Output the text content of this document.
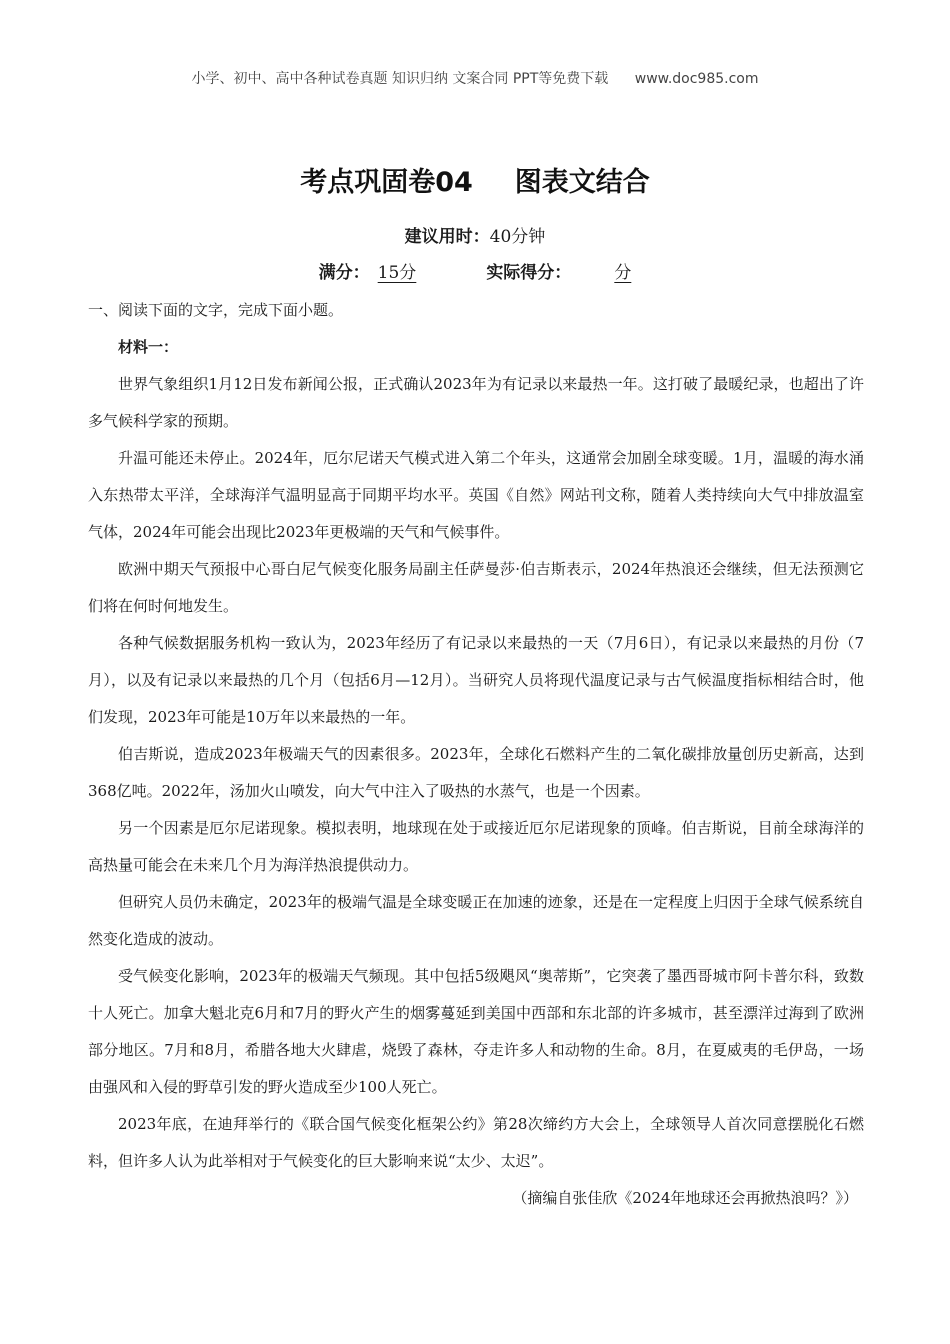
小学、初中、高中各种试卷真题 知识归纳 文案合同 PPT等免费下载 www.doc985.com
考点巩固卷04 图表文结合
建议用时：40分钟
满分： 15分	实际得分：	分

一、阅读下面的文字，完成下面小题。

材料一：

世界气象组织1月12日发布新闻公报，正式确认2023年为有记录以来最热一年。这打破了最暖纪录，也超出了许多气候科学家的预期。

升温可能还未停止。2024年，厄尔尼诺天气模式进入第二个年头，这通常会加剧全球变暖。1月，温暖的海水涌入东热带太平洋，全球海洋气温明显高于同期平均水平。英国《自然》网站刊文称，随着人类持续向大气中排放温室气体，2024年可能会出现比2023年更极端的天气和气候事件。

欧洲中期天气预报中心哥白尼气候变化服务局副主任萨曼莎·伯吉斯表示，2024年热浪还会继续，但无法预测它们将在何时何地发生。

各种气候数据服务机构一致认为，2023年经历了有记录以来最热的一天（7月6日），有记录以来最热的月份（7月），以及有记录以来最热的几个月（包括6月—12月）。当研究人员将现代温度记录与古气候温度指标相结合时，他们发现，2023年可能是10万年以来最热的一年。

伯吉斯说，造成2023年极端天气的因素很多。2023年，全球化石燃料产生的二氧化碳排放量创历史新高，达到368亿吨。2022年，汤加火山喷发，向大气中注入了吸热的水蒸气，也是一个因素。

另一个因素是厄尔尼诺现象。模拟表明，地球现在处于或接近厄尔尼诺现象的顶峰。伯吉斯说，目前全球海洋的高热量可能会在未来几个月为海洋热浪提供动力。

但研究人员仍未确定，2023年的极端气温是全球变暖正在加速的迹象，还是在一定程度上归因于全球气候系统自然变化造成的波动。

受气候变化影响，2023年的极端天气频现。其中包括5级飓风“奥蒂斯”，它突袭了墨西哥城市阿卡普尔科，致数十人死亡。加拿大魁北克6月和7月的野火产生的烟雾蔓延到美国中西部和东北部的许多城市，甚至漂洋过海到了欧洲部分地区。7月和8月，希腊各地大火肆虐，烧毁了森林，夺走许多人和动物的生命。8月，在夏威夷的毛伊岛，一场由强风和入侵的野草引发的野火造成至少100人死亡。

2023年底，在迪拜举行的《联合国气候变化框架公约》第28次缔约方大会上，全球领导人首次同意摆脱化石燃料，但许多人认为此举相对于气候变化的巨大影响来说“太少、太迟”。

（摘编自张佳欣《2024年地球还会再掀热浪吗？》）
